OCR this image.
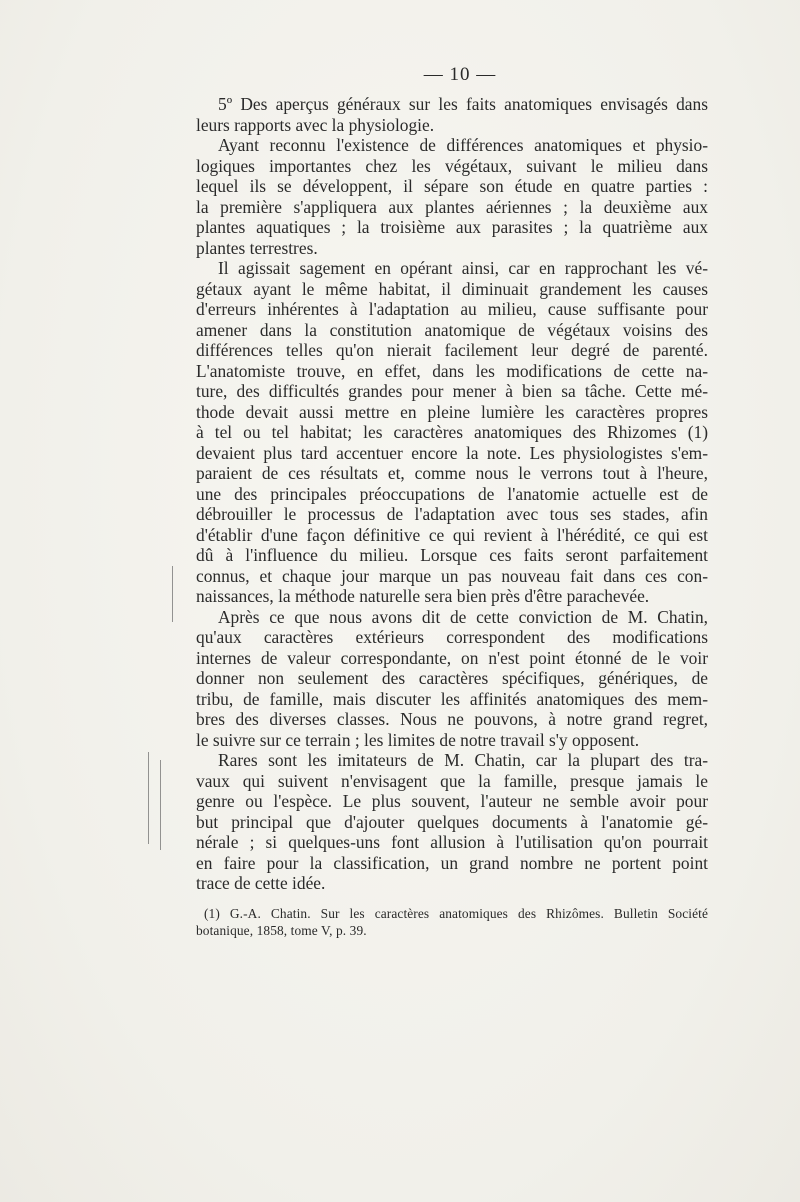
— 10 —
5º Des aperçus généraux sur les faits anatomiques envisagés dans
leurs rapports avec la physiologie.
Ayant reconnu l'existence de différences anatomiques et physio-
logiques importantes chez les végétaux, suivant le milieu dans
lequel ils se développent, il sépare son étude en quatre parties :
la première s'appliquera aux plantes aériennes ; la deuxième aux
plantes aquatiques ; la troisième aux parasites ; la quatrième aux
plantes terrestres.
Il agissait sagement en opérant ainsi, car en rapprochant les vé-
gétaux ayant le même habitat, il diminuait grandement les causes
d'erreurs inhérentes à l'adaptation au milieu, cause suffisante pour
amener dans la constitution anatomique de végétaux voisins des
différences telles qu'on nierait facilement leur degré de parenté.
L'anatomiste trouve, en effet, dans les modifications de cette na-
ture, des difficultés grandes pour mener à bien sa tâche. Cette mé-
thode devait aussi mettre en pleine lumière les caractères propres
à tel ou tel habitat; les caractères anatomiques des Rhizomes (1)
devaient plus tard accentuer encore la note. Les physiologistes s'em-
paraient de ces résultats et, comme nous le verrons tout à l'heure,
une des principales préoccupations de l'anatomie actuelle est de
débrouiller le processus de l'adaptation avec tous ses stades, afin
d'établir d'une façon définitive ce qui revient à l'hérédité, ce qui est
dû à l'influence du milieu. Lorsque ces faits seront parfaitement
connus, et chaque jour marque un pas nouveau fait dans ces con-
naissances, la méthode naturelle sera bien près d'être parachevée.
Après ce que nous avons dit de cette conviction de M. Chatin,
qu'aux caractères extérieurs correspondent des modifications
internes de valeur correspondante, on n'est point étonné de le voir
donner non seulement des caractères spécifiques, génériques, de
tribu, de famille, mais discuter les affinités anatomiques des mem-
bres des diverses classes. Nous ne pouvons, à notre grand regret,
le suivre sur ce terrain ; les limites de notre travail s'y opposent.
Rares sont les imitateurs de M. Chatin, car la plupart des tra-
vaux qui suivent n'envisagent que la famille, presque jamais le
genre ou l'espèce. Le plus souvent, l'auteur ne semble avoir pour
but principal que d'ajouter quelques documents à l'anatomie gé-
nérale ; si quelques-uns font allusion à l'utilisation qu'on pourrait
en faire pour la classification, un grand nombre ne portent point
trace de cette idée.
(1) G.-A. Chatin. Sur les caractères anatomiques des Rhizômes. Bulletin Société
botanique, 1858, tome V, p. 39.
